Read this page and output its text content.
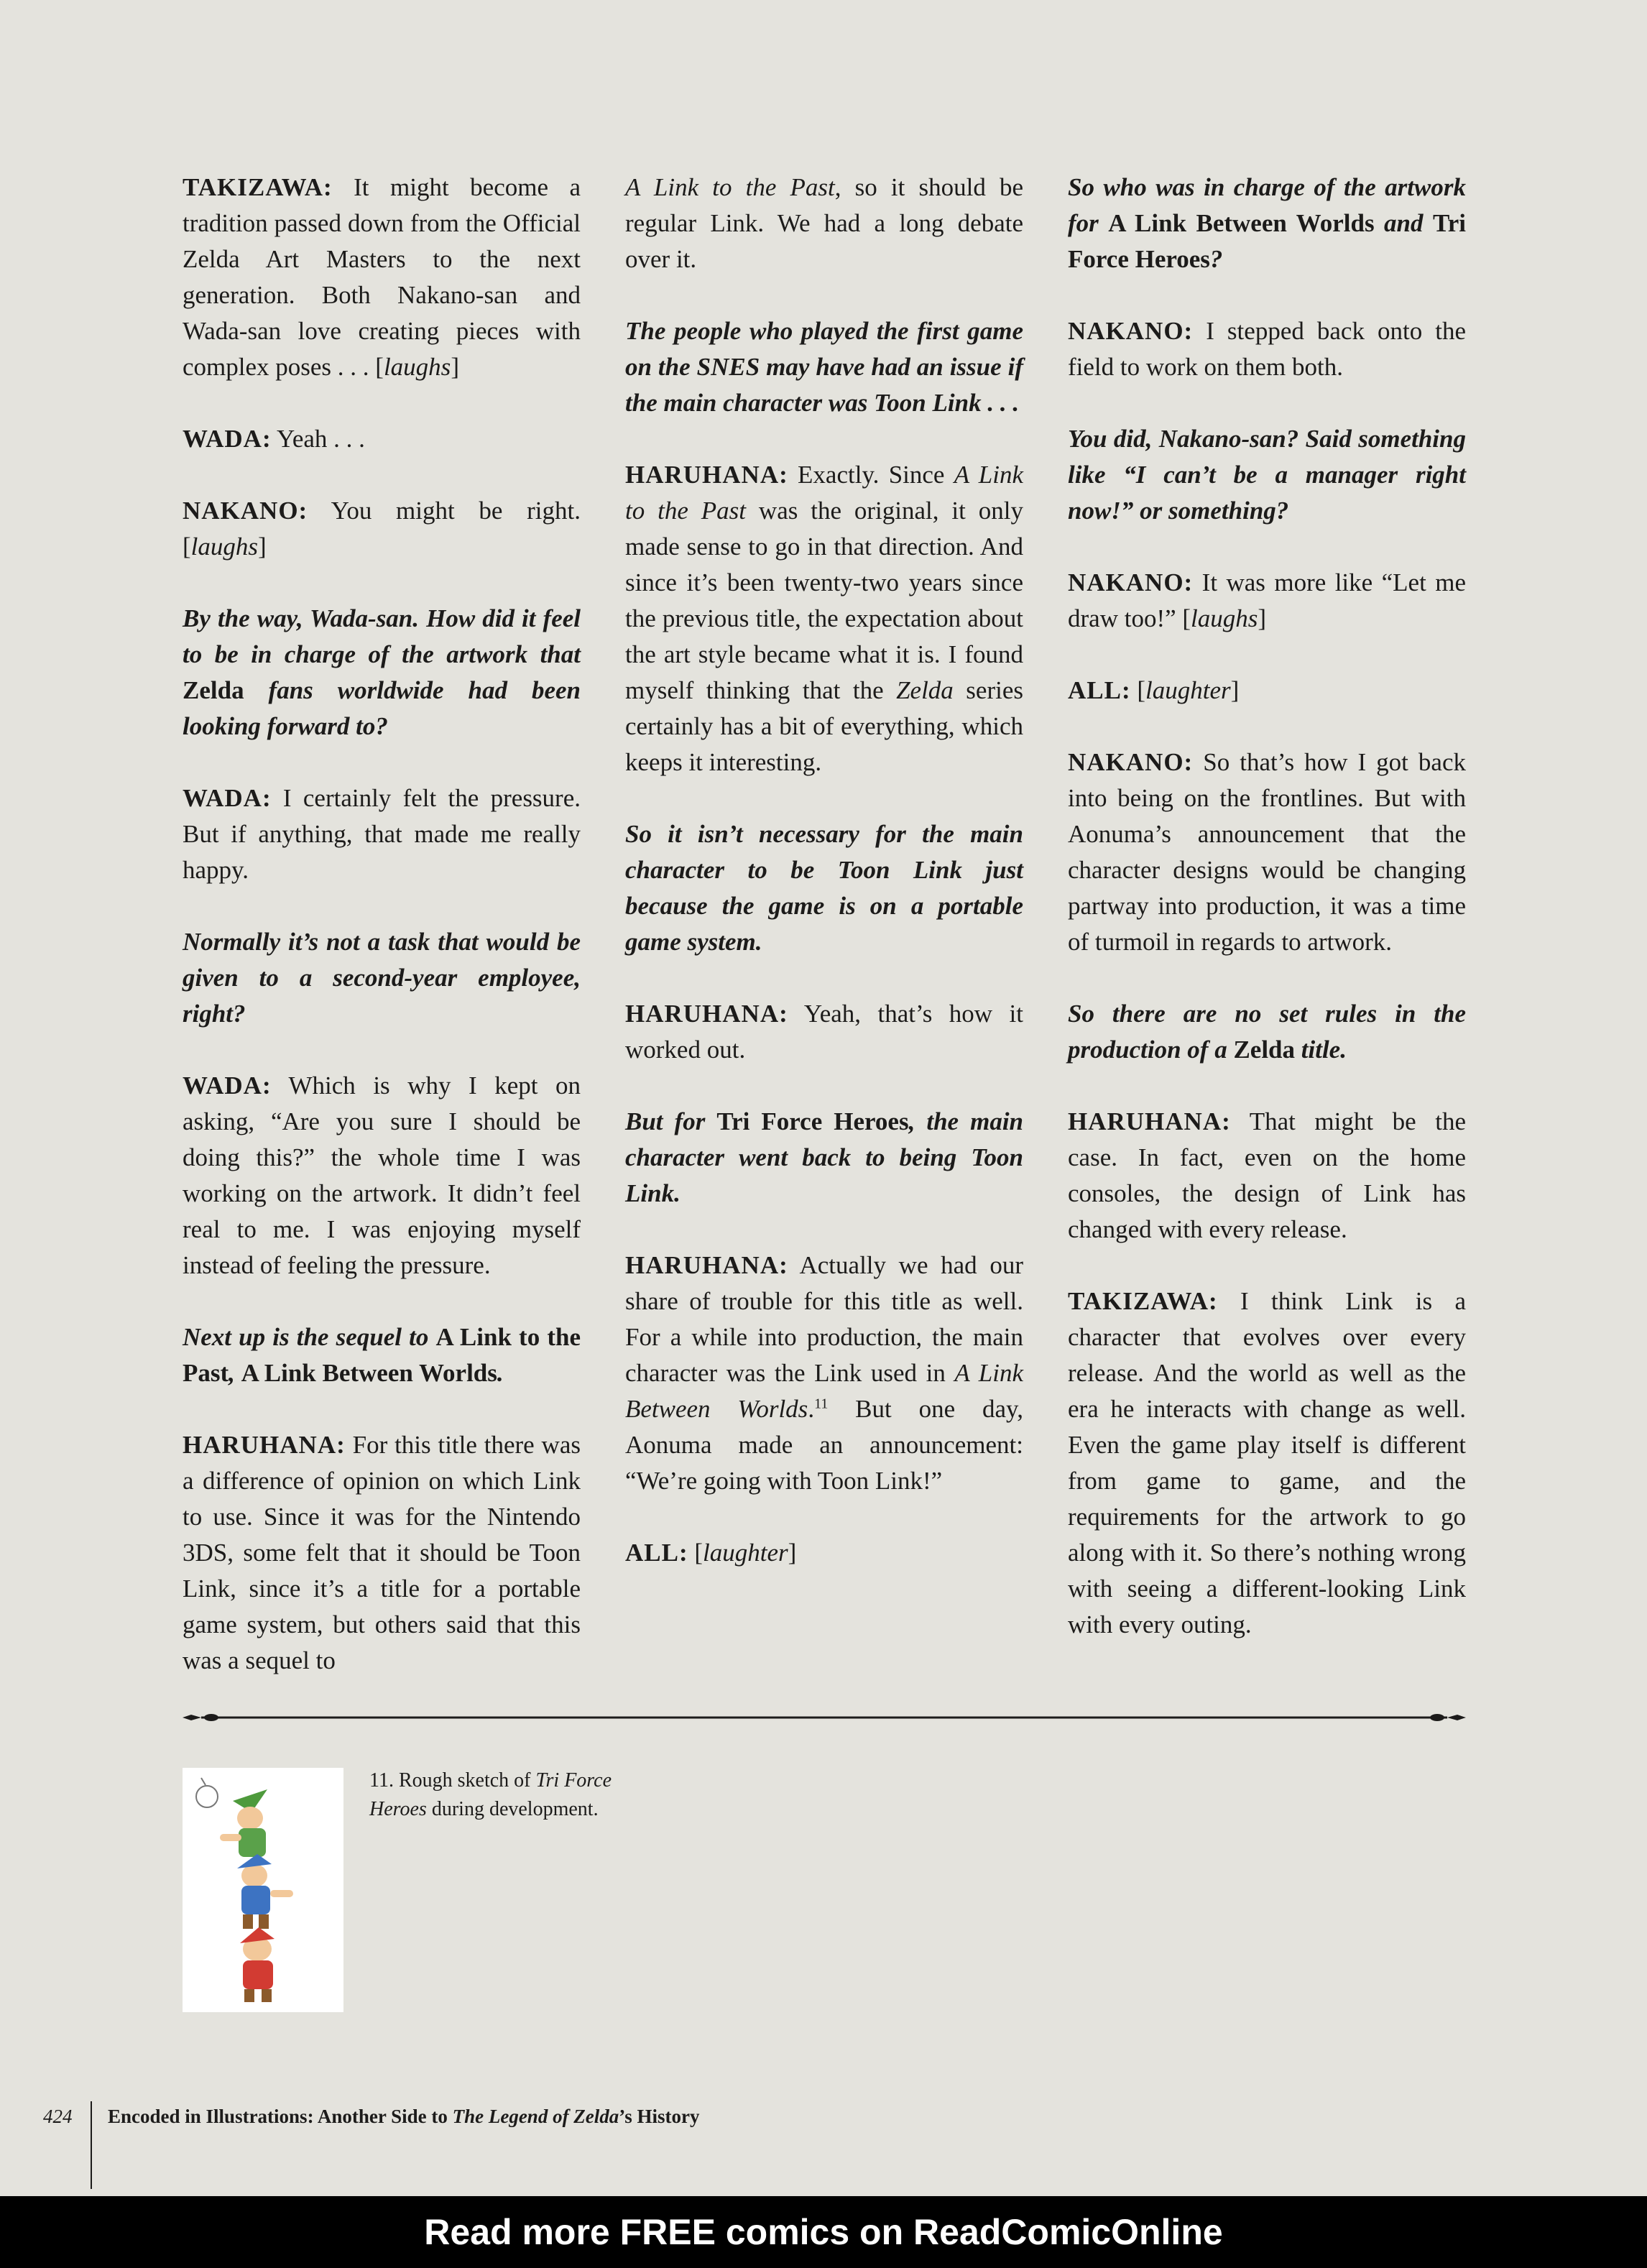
TAKIZAWA: It might become a tradition passed down from the Official Zelda Art Masters to the next generation. Both Nakano-san and Wada-san love creating pieces with complex poses . . . [laughs]

WADA: Yeah . . .

NAKANO: You might be right. [laughs]

By the way, Wada-san. How did it feel to be in charge of the artwork that Zelda fans worldwide had been looking forward to?

WADA: I certainly felt the pressure. But if anything, that made me really happy.

Normally it’s not a task that would be given to a second-year employee, right?

WADA: Which is why I kept on asking, “Are you sure I should be doing this?” the whole time I was working on the artwork. It didn’t feel real to me. I was enjoying myself instead of feeling the pressure.

Next up is the sequel to A Link to the Past, A Link Between Worlds.

HARUHANA: For this title there was a difference of opinion on which Link to use. Since it was for the Nintendo 3DS, some felt that it should be Toon Link, since it’s a title for a portable game system, but others said that this was a sequel to

A Link to the Past, so it should be regular Link. We had a long debate over it.

The people who played the first game on the SNES may have had an issue if the main character was Toon Link . . .

HARUHANA: Exactly. Since A Link to the Past was the original, it only made sense to go in that direction. And since it’s been twenty-two years since the previous title, the expectation about the art style became what it is. I found myself thinking that the Zelda series certainly has a bit of everything, which keeps it interesting.

So it isn’t necessary for the main character to be Toon Link just because the game is on a portable game system.

HARUHANA: Yeah, that’s how it worked out.

But for Tri Force Heroes, the main character went back to being Toon Link.

HARUHANA: Actually we had our share of trouble for this title as well. For a while into production, the main character was the Link used in A Link Between Worlds.$^{11}$ But one day, Aonuma made an announcement: “We’re going with Toon Link!”

ALL: [laughter]

So who was in charge of the artwork for A Link Between Worlds and Tri Force Heroes?

NAKANO: I stepped back onto the field to work on them both.

You did, Nakano-san? Said something like “I can’t be a manager right now!” or something?

NAKANO: It was more like “Let me draw too!” [laughs]

ALL: [laughter]

NAKANO: So that’s how I got back into being on the frontlines. But with Aonuma’s announcement that the character designs would be changing partway into production, it was a time of turmoil in regards to artwork.

So there are no set rules in the production of a Zelda title.

HARUHANA: That might be the case. In fact, even on the home consoles, the design of Link has changed with every release.

TAKIZAWA: I think Link is a character that evolves over every release. And the world as well as the era he interacts with change as well. Even the game play itself is different from game to game, and the requirements for the artwork to go along with it. So there’s nothing wrong with seeing a different-looking Link with every outing.

11. Rough sketch of Tri Force Heroes during development.
424 Encoded in Illustrations: Another Side to The Legend of Zelda’s History
Read more FREE comics on ReadComicOnline
